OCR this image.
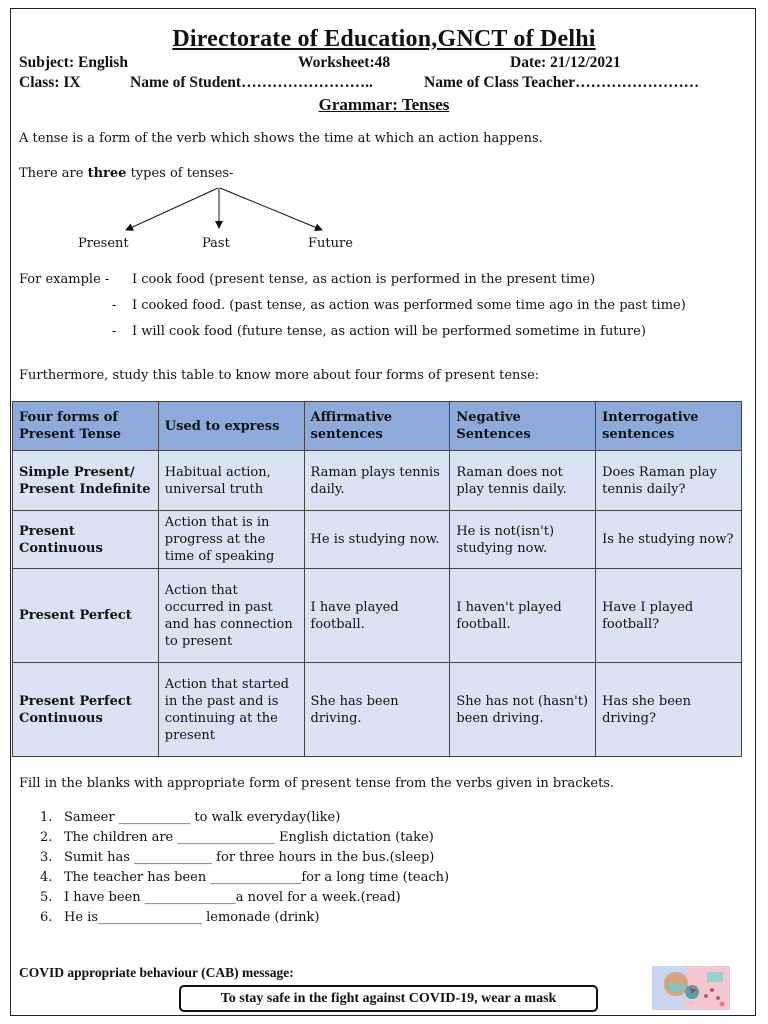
Directorate of Education,GNCT of Delhi
Subject: English	Worksheet:48	Date: 21/12/2021
Class: IX	Name of Student……………………..	Name of Class Teacher……………………
Grammar: Tenses
A tense is a form of the verb which shows the time at which an action happens.
There are three types of tenses-
Present	Past	Future
For example - I cook food (present tense, as action is performed in the present time)
- I cooked food. (past tense, as action was performed some time ago in the past time)
- I will cook food (future tense, as action will be performed sometime in future)
Furthermore, study this table to know more about four forms of present tense:
Four forms of Present Tense	Used to express	Affirmative sentences	Negative Sentences	Interrogative sentences
Simple Present/ Present Indefinite	Habitual action, universal truth	Raman plays tennis daily.	Raman does not play tennis daily.	Does Raman play tennis daily?
Present Continuous	Action that is in progress at the time of speaking	He is studying now.	He is not(isn't) studying now.	Is he studying now?
Present Perfect	Action that occurred in past and has connection to present	I have played football.	I haven't played football.	Have I played football?
Present Perfect Continuous	Action that started in the past and is continuing at the present	She has been driving.	She has not (hasn't) been driving.	Has she been driving?
Fill in the blanks with appropriate form of present tense from the verbs given in brackets.
1. Sameer ___________ to walk everyday(like)
2. The children are _______________ English dictation (take)
3. Sumit has ____________ for three hours in the bus.(sleep)
4. The teacher has been ______________for a long time (teach)
5. I have been ______________a novel for a week.(read)
6. He is________________ lemonade (drink)
COVID appropriate behaviour (CAB) message:
To stay safe in the fight against COVID-19, wear a mask
